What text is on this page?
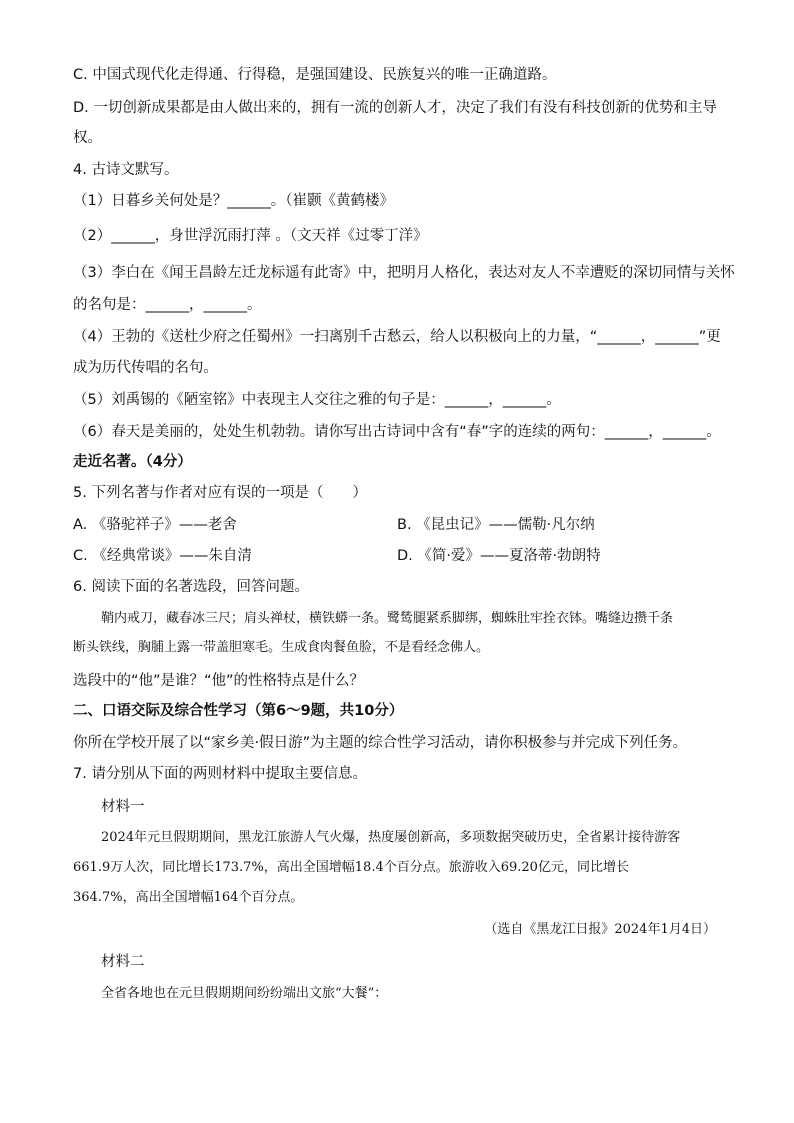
C. 中国式现代化走得通、行得稳，是强国建设、民族复兴的唯一正确道路。
D. 一切创新成果都是由人做出来的，拥有一流的创新人才，决定了我们有没有科技创新的优势和主导
权。
4. 古诗文默写。
（1）日暮乡关何处是？______。（崔颢《黄鹤楼》
（2）______，身世浮沉雨打萍 。（文天祥《过零丁洋》
（3）李白在《闻王昌龄左迁龙标遥有此寄》中，把明月人格化，表达对友人不幸遭贬的深切同情与关怀
的名句是：______，______。
（4）王勃的《送杜少府之任蜀州》一扫离别千古愁云，给人以积极向上的力量，“______，______”更
成为历代传唱的名句。
（5）刘禹锡的《陋室铭》中表现主人交往之雅的句子是：______，______。
（6）春天是美丽的，处处生机勃勃。请你写出古诗词中含有“春”字的连续的两句：______，______。
走近名著。（4分）
5. 下列名著与作者对应有误的一项是（　　）
A. 《骆驼祥子》——老舍	B. 《昆虫记》——儒勒·凡尔纳
C. 《经典常谈》——朱自清	D. 《简·爱》——夏洛蒂·勃朗特
6. 阅读下面的名著选段，回答问题。
鞘内戒刀，藏春冰三尺；肩头禅杖，横铁蟒一条。鹭鸶腿紧系脚绑，蜘蛛肚牢拴衣钵。嘴缝边攒千条
断头铁线，胸脯上露一带盖胆寒毛。生成食肉餐鱼脸，不是看经念佛人。
选段中的“他”是谁？“他”的性格特点是什么？
二、口语交际及综合性学习（第6～9题，共10分）
你所在学校开展了以“家乡美·假日游”为主题的综合性学习活动，请你积极参与并完成下列任务。
7. 请分别从下面的两则材料中提取主要信息。
材料一
2024年元旦假期期间，黑龙江旅游人气火爆，热度屡创新高，多项数据突破历史，全省累计接待游客
661.9万人次，同比增长173.7%，高出全国增幅18.4个百分点。旅游收入69.20亿元，同比增长
364.7%，高出全国增幅164个百分点。
（选自《黑龙江日报》2024年1月4日）
材料二
全省各地也在元旦假期期间纷纷端出文旅“大餐”：
